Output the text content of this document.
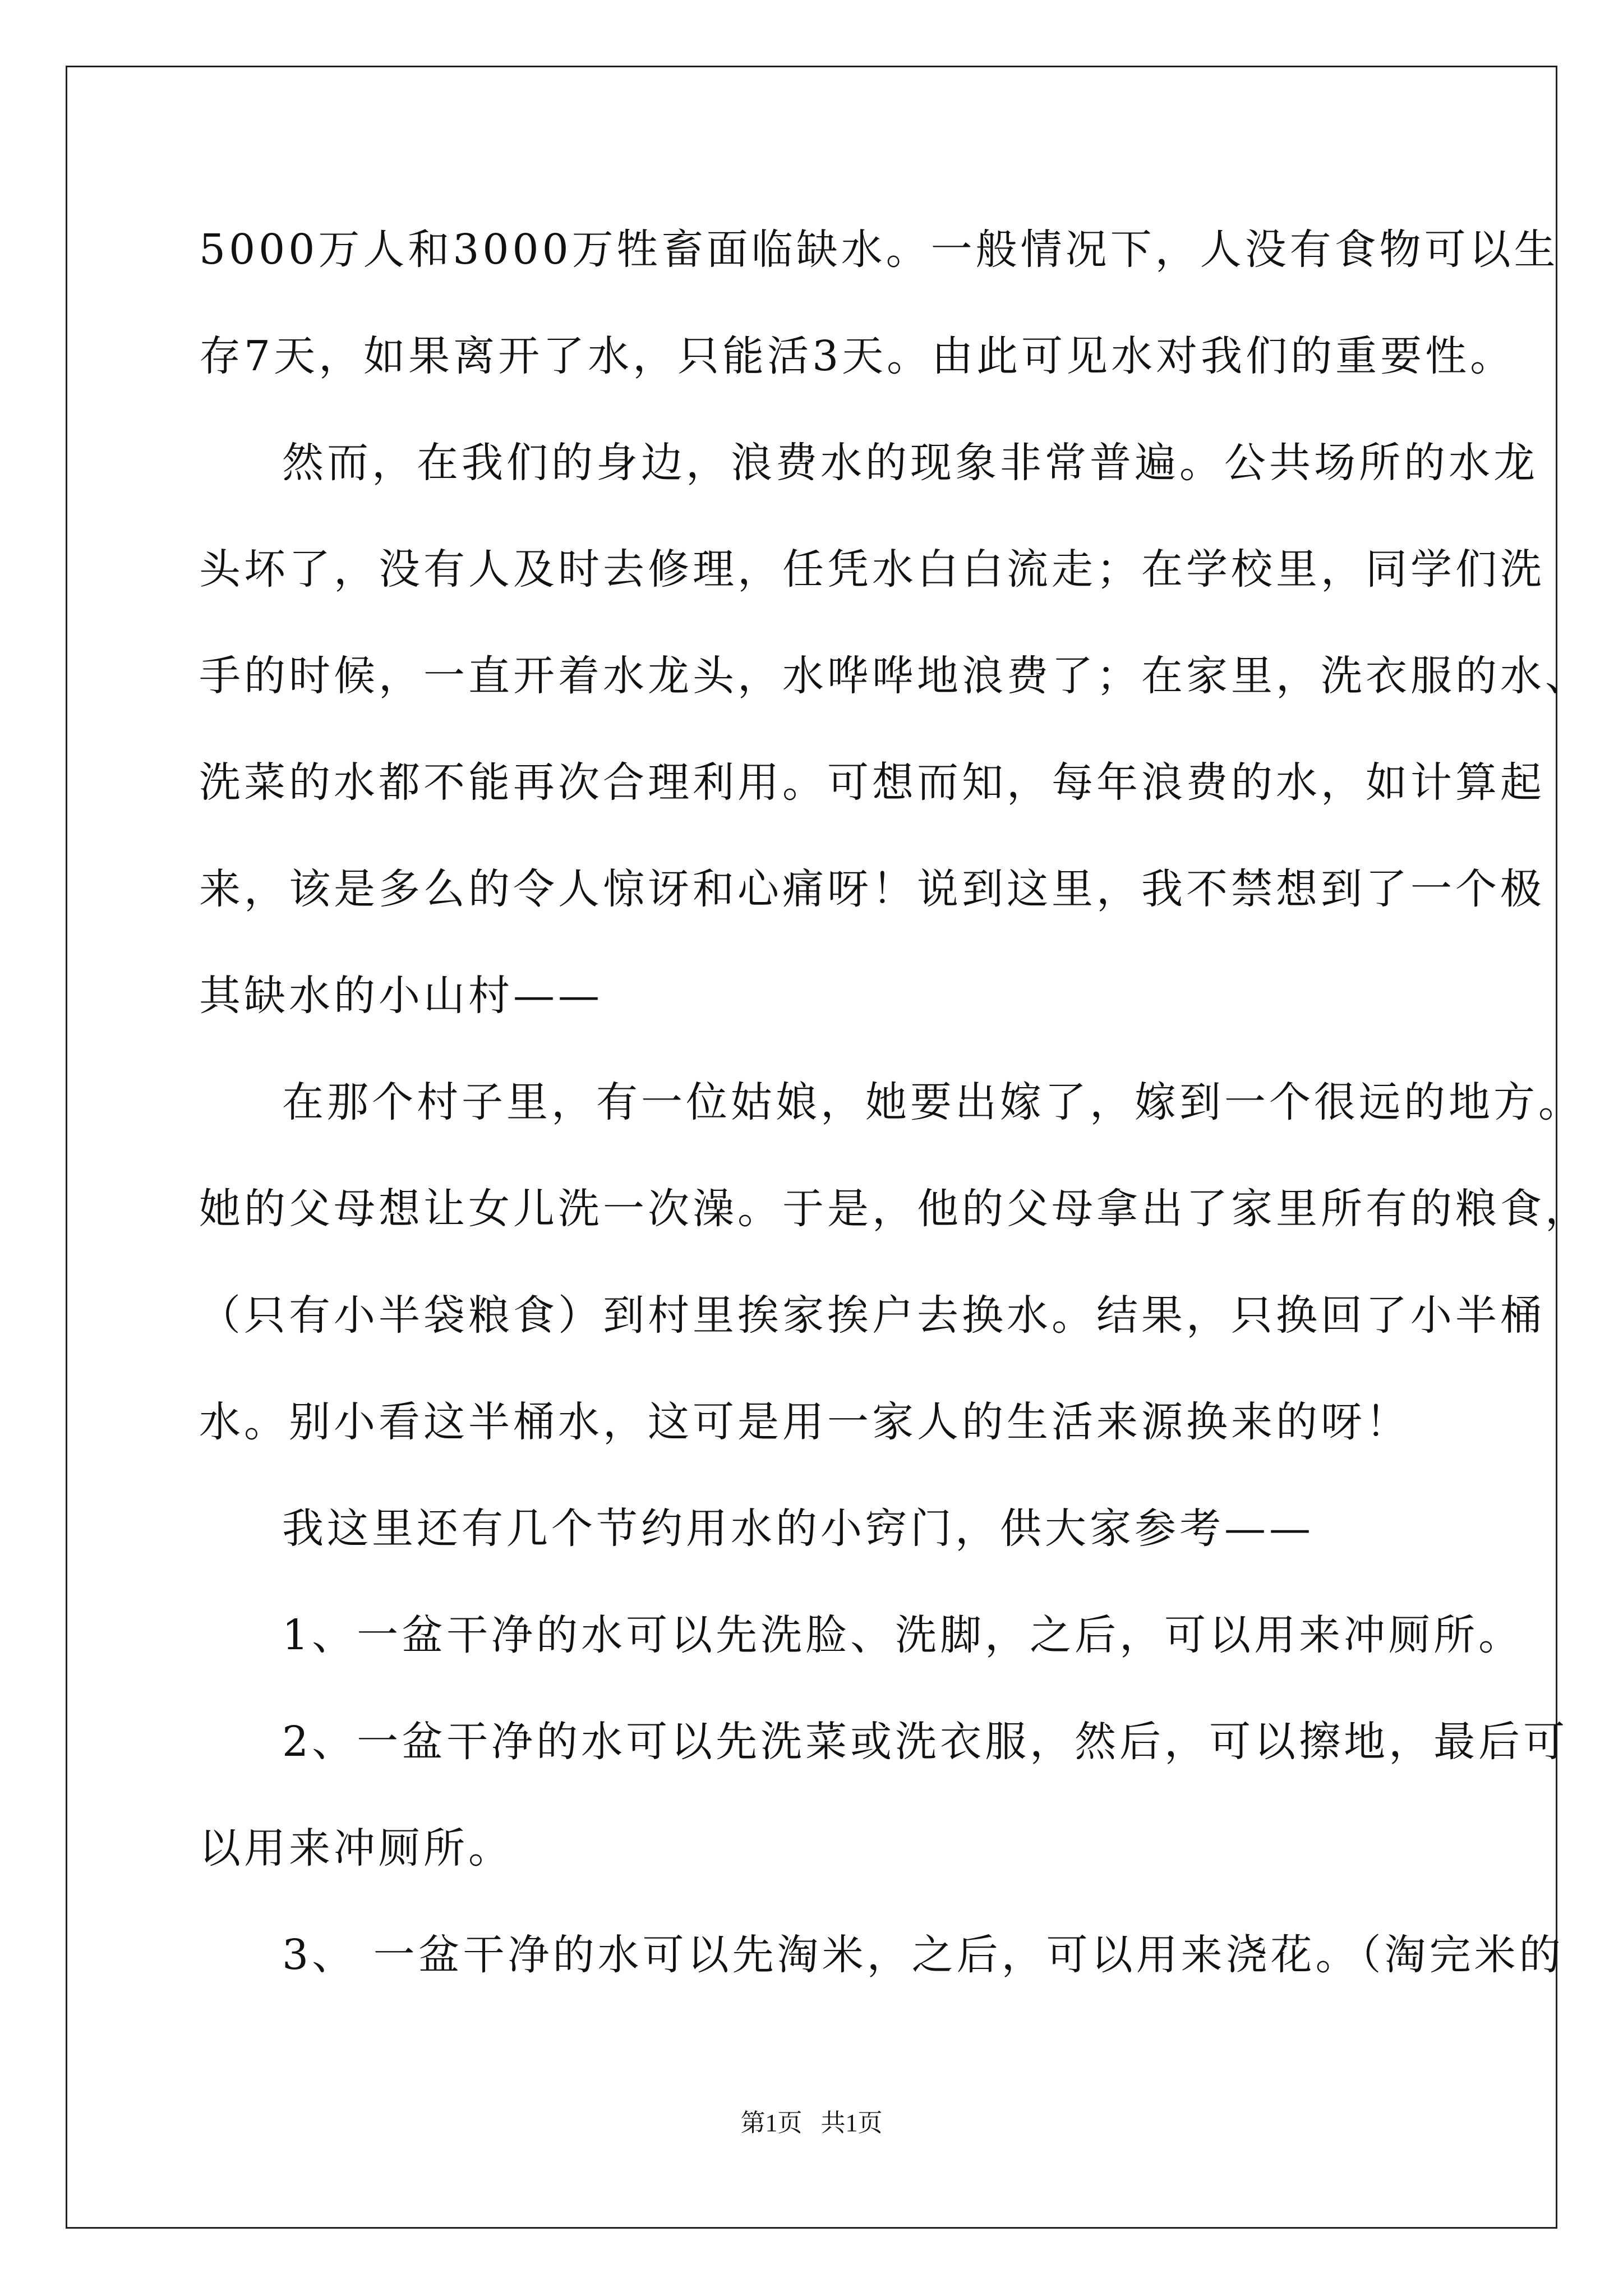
5000万人和3000万牲畜面临缺水。一般情况下，人没有食物可以生
存7天，如果离开了水，只能活3天。由此可见水对我们的重要性。
然而，在我们的身边，浪费水的现象非常普遍。公共场所的水龙
头坏了，没有人及时去修理，任凭水白白流走；在学校里，同学们洗
手的时候，一直开着水龙头，水哗哗地浪费了；在家里，洗衣服的水、
洗菜的水都不能再次合理利用。可想而知，每年浪费的水，如计算起
来，该是多么的令人惊讶和心痛呀！说到这里，我不禁想到了一个极
其缺水的小山村——
在那个村子里，有一位姑娘，她要出嫁了，嫁到一个很远的地方。
她的父母想让女儿洗一次澡。于是，他的父母拿出了家里所有的粮食，
（只有小半袋粮食）到村里挨家挨户去换水。结果，只换回了小半桶
水。别小看这半桶水，这可是用一家人的生活来源换来的呀！
我这里还有几个节约用水的小窍门，供大家参考——
1、一盆干净的水可以先洗脸、洗脚，之后，可以用来冲厕所。
2、一盆干净的水可以先洗菜或洗衣服，然后，可以擦地，最后可
以用来冲厕所。
3、 一盆干净的水可以先淘米，之后，可以用来浇花。（淘完米的
第1页   共1页
